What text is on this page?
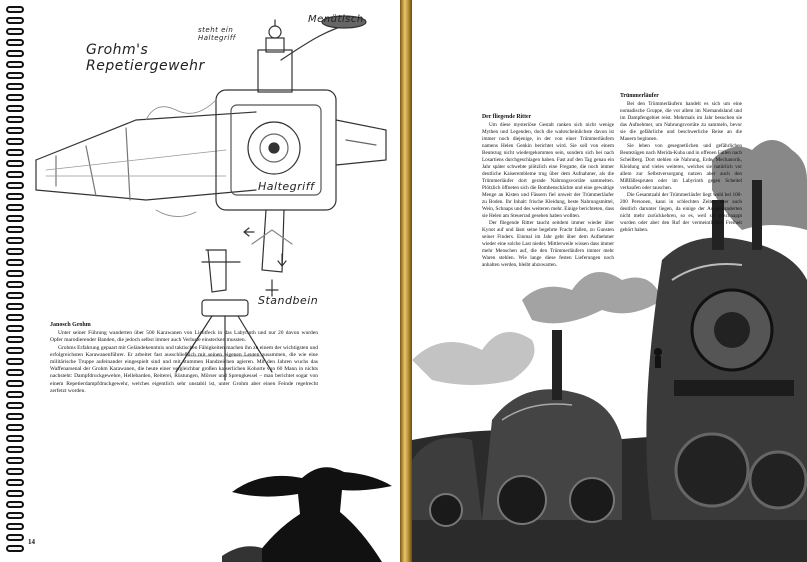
Grohm's
Repetiergewehr
Menütisch
steht ein
Haltegriff
Haltegriff
Standbein
Janosch Grohm

Unter seiner Führung wanderten über 500 Karawanen von Lichtfeck in das Labyrinth und nur 20 davon wurden Opfer marodierender Banden, die jedoch selbst immer auch Verluste einstecken mussten.

Grohms Erfahrung gepaart mit Geländekenntnis und taktischen Fähigkeiten machen ihn zu einem der wichtigsten und erfolgreichsten Karawanenführer. Er arbeitet fast ausschließlich mit seinen eigenen Leuten zusammen, die wie eine militärische Truppe aufeinander eingespielt sind und mit stummen Handzeichen agieren. Mit den Jahren wuchs das Waffenarsenal der Grohm Karawanen, die heute einer vergleichbar großen kaiserlichen Kohorte von 60 Mann in nichts nachsteht: Dampfdruckgewehre, Hellebarden, Reiterei, Rüstungen, Mörser und Sprengkessel – man berichtet sogar von einem Repetierdampfdruckgewehr, welches eigentlich sehr unstabil ist, unter Grohm aber einen Feinde regelrecht zerfetzt worden.

14
Der fliegende Ritter

Um diese mysteriöse Gestalt ranken sich nicht wenige Mythen und Legenden, doch die wahrscheinlichste davon ist immer noch diejenige, in der von einer Trümmerläufern namens Helen Genkin berichtet wird. Sie soll von einem Beutezug nicht wiedergekommen sein, sondern sich bei nach Losartiens durchgeschlagen haben. Fast auf den Tag genau ein Jahr später schwebte plötzlich eine Fregatte, die noch immer deutliche Kaiserembleme trug über dem Aufnahmer, als die Trümmerläufer dort gerade Nahrungsvorräte sammelten. Plötzlich öffneten sich die Bombenschächte und eine gewaltige Menge an Kisten und Fässern fiel unweit der Trümmerläufer zu Boden. Ihr Inhalt: frische Kleidung, beste Nahrungsmittel, Wein, Schnaps und des weiteren mehr. Einige berichteten, dass sie Helen am Steuerrad gesehen haben wollten.

Der fliegende Ritter taucht seitdem immer wieder über Kynot auf und lässt seine begehrte Fracht fallen, zu Gunsten seiner Finders. Einmal im Jahr geht über dem Aufnehmer wieder eine solche Last nieder. Mittlerweile wissen dass immer mehr Menschen auf, die den Trümmerläufern immer mehr Waren stehlen. Wie lange diese festen Lieferungen noch anhalten werden, bleibt abzuwarten.

Trümmerläufer

Bei den Trümmerläufern handelt es sich um eine nomadische Gruppe, die vor allem im Niemandsland und im Dampfengebiet reist. Mehrmals im Jahr besuchen sie das Aufnehmer, um Nahrungsvorräte zu sammeln, bevor sie die gefährliche und beschwerliche Reise an die Mauern beginnen.

Sie leben von gesegnetlichen und gefährlichen Beutezügen nach Merida-Kuba und in offenen Fällen nach Scheilberg. Dort stehlen sie Nahrung, Erde, Mechanorik, Kleidung und vieles weiteres, welches sie natürlich vor allem zur Selbstversorgung nutzen aber auch den Mißfällespruten oder im Labyrinth gegen Scheitel verkaufen oder tauschen.

Die Gesamtzahl der Trümmerläufer liegt wohl bei 100-200 Personen, kann in schlechten Zeiten aber auch deutlich darunter liegen, da einige der Ausgewanderten nicht mehr zurückkehren, so es, weil sie geschnappt wurden oder aber den Ruf der vermeintlichen Freiheit gehört haben.
